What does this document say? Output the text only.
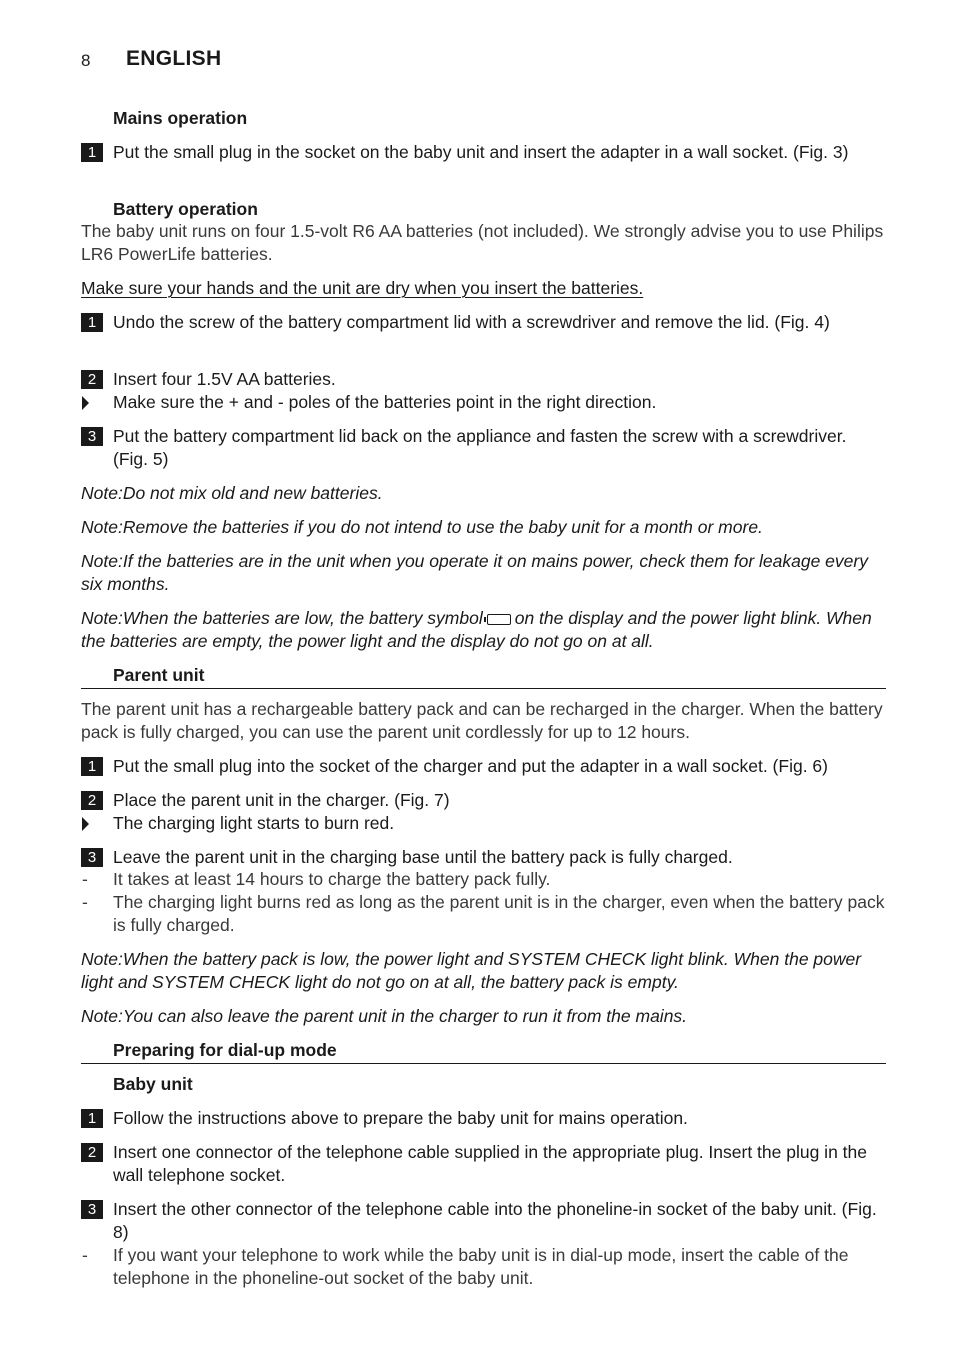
8 ENGLISH
Mains operation
1 Put the small plug in the socket on the baby unit and insert the adapter in a wall socket. (Fig. 3)
Battery operation
The baby unit runs on four 1.5-volt R6 AA batteries (not included). We strongly advise you to use Philips LR6 PowerLife batteries.
Make sure your hands and the unit are dry when you insert the batteries.
1 Undo the screw of the battery compartment lid with a screwdriver and remove the lid. (Fig. 4)
2 Insert four 1.5V AA batteries.
Make sure the + and - poles of the batteries point in the right direction.
3 Put the battery compartment lid back on the appliance and fasten the screw with a screwdriver. (Fig. 5)
Note:Do not mix old and new batteries.
Note:Remove the batteries if you do not intend to use the baby unit for a month or more.
Note:If the batteries are in the unit when you operate it on mains power, check them for leakage every six months.
Note:When the batteries are low, the battery symbol on the display and the power light blink. When the batteries are empty, the power light and the display do not go on at all.
Parent unit
The parent unit has a rechargeable battery pack and can be recharged in the charger. When the battery pack is fully charged, you can use the parent unit cordlessly for up to 12 hours.
1 Put the small plug into the socket of the charger and put the adapter in a wall socket. (Fig. 6)
2 Place the parent unit in the charger. (Fig. 7)
The charging light starts to burn red.
3 Leave the parent unit in the charging base until the battery pack is fully charged.
-	It takes at least 14 hours to charge the battery pack fully.
-	The charging light burns red as long as the parent unit is in the charger, even when the battery pack is fully charged.
Note:When the battery pack is low, the power light and SYSTEM CHECK light blink. When the power light and SYSTEM CHECK light do not go on at all, the battery pack is empty.
Note:You can also leave the parent unit in the charger to run it from the mains.
Preparing for dial-up mode
Baby unit
1 Follow the instructions above to prepare the baby unit for mains operation.
2 Insert one connector of the telephone cable supplied in the appropriate plug. Insert the plug in the wall telephone socket.
3 Insert the other connector of the telephone cable into the phoneline-in socket of the baby unit. (Fig. 8)
-	If you want your telephone to work while the baby unit is in dial-up mode, insert the cable of the telephone in the phoneline-out socket of the baby unit.
